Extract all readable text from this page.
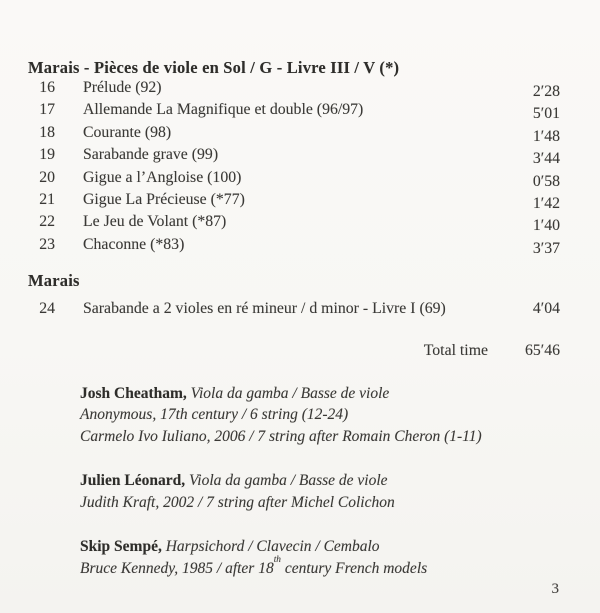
Marais - Pièces de viole en Sol / G - Livre III / V (*)
16 Prélude (92)	2′28
17 Allemande La Magnifique et double (96/97)	5′01
18 Courante (98)	1′48
19 Sarabande grave (99)	3′44
20 Gigue a l’Angloise (100)	0′58
21 Gigue La Précieuse (*77)	1′42
22 Le Jeu de Volant (*87)	1′40
23 Chaconne (*83)	3′37
Marais
24 Sarabande a 2 violes en ré mineur / d minor - Livre I (69)	4′04
Total time	65′46
Josh Cheatham, Viola da gamba / Basse de viole
Anonymous, 17th century / 6 string (12-24)
Carmelo Ivo Iuliano, 2006 / 7 string after Romain Cheron (1-11)
Julien Léonard, Viola da gamba / Basse de viole
Judith Kraft, 2002 / 7 string after Michel Colichon
Skip Sempé, Harpsichord / Clavecin / Cembalo
Bruce Kennedy, 1985 / after 18th century French models
3
